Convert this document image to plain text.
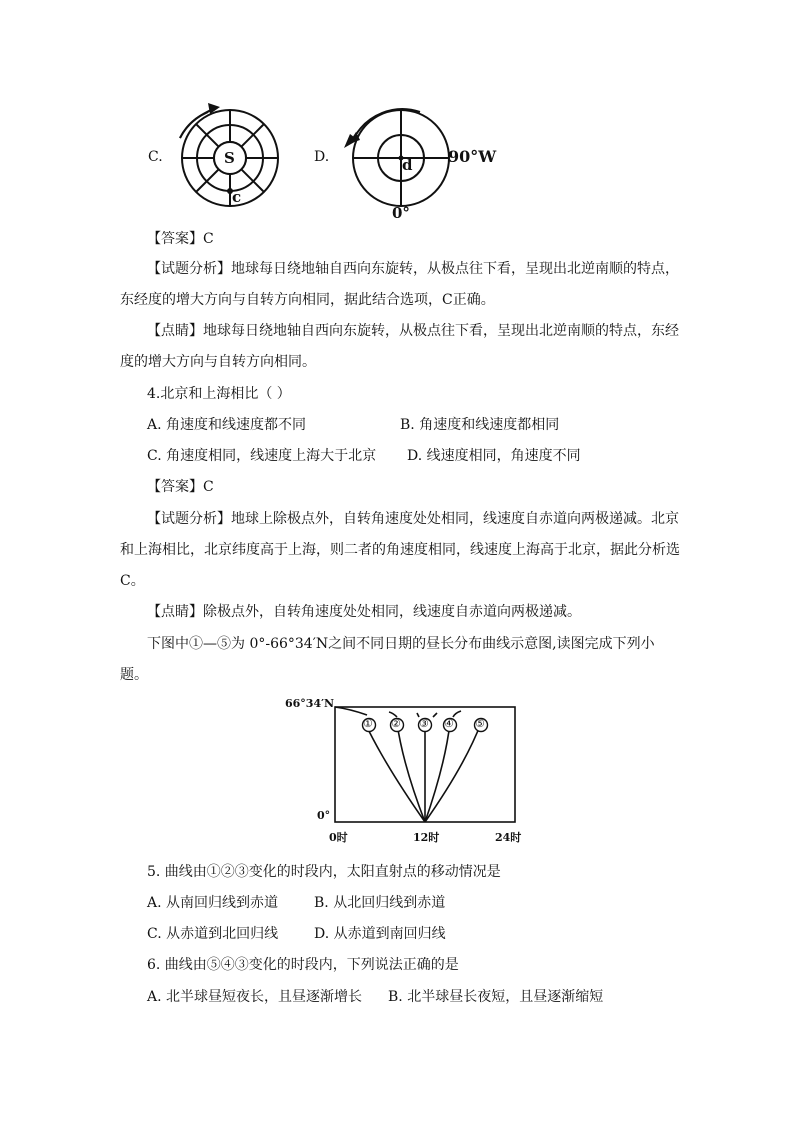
C.	S
c
D.	d 90°W
0°
【答案】C
【试题分析】地球每日绕地轴自西向东旋转，从极点往下看，呈现出北逆南顺的特点，
东经度的增大方向与自转方向相同，据此结合选项，C正确。
【点睛】地球每日绕地轴自西向东旋转，从极点往下看，呈现出北逆南顺的特点，东经
度的增大方向与自转方向相同。
4.北京和上海相比（ ）
A. 角速度和线速度都不同	B. 角速度和线速度都相同
C. 角速度相同，线速度上海大于北京 D. 线速度相同，角速度不同
【答案】C
【试题分析】地球上除极点外，自转角速度处处相同，线速度自赤道向两极递减。北京
和上海相比，北京纬度高于上海，则二者的角速度相同，线速度上海高于北京，据此分析选
C。
【点睛】除极点外，自转角速度处处相同，线速度自赤道向两极递减。
下图中①—⑤为 0°-66°34′N之间不同日期的昼长分布曲线示意图,读图完成下列小
题。
① ② ③ ④ ⑤
66°34′N
0°
0时	12时	24时
5. 曲线由①②③变化的时段内，太阳直射点的移动情况是
A. 从南回归线到赤道	B. 从北回归线到赤道
C. 从赤道到北回归线	D. 从赤道到南回归线
6. 曲线由⑤④③变化的时段内，下列说法正确的是
A. 北半球昼短夜长，且昼逐渐增长 B. 北半球昼长夜短，且昼逐渐缩短
